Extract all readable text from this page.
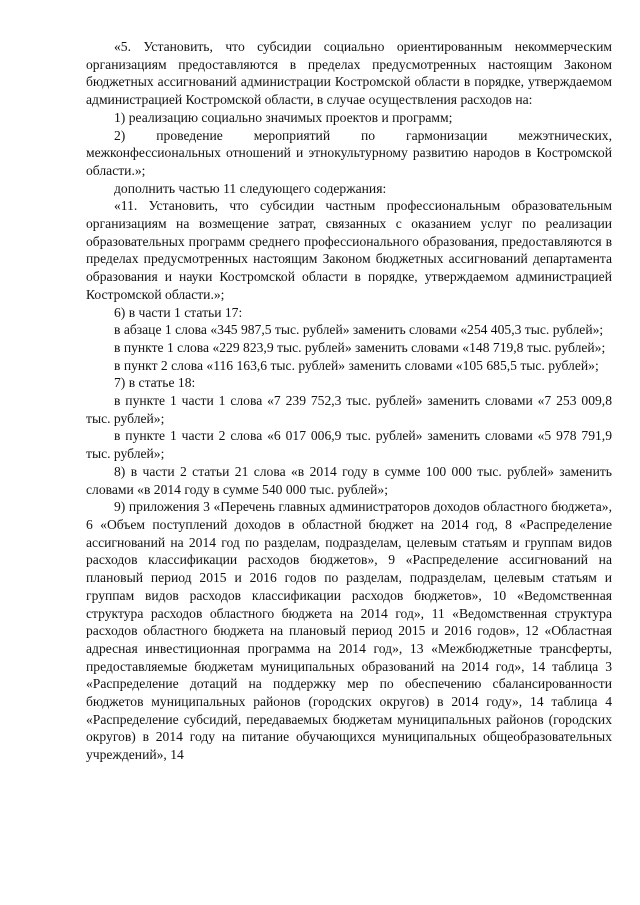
«5. Установить, что субсидии социально ориентированным некоммерческим организациям предоставляются в пределах предусмотренных настоящим Законом бюджетных ассигнований администрации Костромской области в порядке, утверждаемом администрацией Костромской области, в случае осуществления расходов на:

1) реализацию социально значимых проектов и программ;

2) проведение мероприятий по гармонизации межэтнических, межконфессиональных отношений и этнокультурному развитию народов в Костромской области.»;

дополнить частью 11 следующего содержания:

«11. Установить, что субсидии частным профессиональным образовательным организациям на возмещение затрат, связанных с оказанием услуг по реализации образовательных программ среднего профессионального образования, предоставляются в пределах предусмотренных настоящим Законом бюджетных ассигнований департамента образования и науки Костромской области в порядке, утверждаемом администрацией Костромской области.»;

6) в части 1 статьи 17:

в абзаце 1 слова «345 987,5 тыс. рублей» заменить словами «254 405,3 тыс. рублей»;

в пункте 1 слова «229 823,9 тыс. рублей» заменить словами «148 719,8 тыс. рублей»;

в пункт 2 слова «116 163,6 тыс. рублей» заменить словами «105 685,5 тыс. рублей»;

7) в статье 18:

в пункте 1 части 1 слова «7 239 752,3 тыс. рублей» заменить словами «7 253 009,8 тыс. рублей»;

в пункте 1 части 2 слова «6 017 006,9 тыс. рублей» заменить словами «5 978 791,9 тыс. рублей»;

8) в части 2 статьи 21 слова «в 2014 году в сумме 100 000 тыс. рублей» заменить словами «в 2014 году в сумме 540 000 тыс. рублей»;

9) приложения 3 «Перечень главных администраторов доходов областного бюджета», 6 «Объем поступлений доходов в областной бюджет на 2014 год, 8 «Распределение ассигнований на 2014 год по разделам, подразделам, целевым статьям и группам видов расходов классификации расходов бюджетов», 9 «Распределение ассигнований на плановый период 2015 и 2016 годов по разделам, подразделам, целевым статьям и группам видов расходов классификации расходов бюджетов», 10 «Ведомственная структура расходов областного бюджета на 2014 год», 11 «Ведомственная структура расходов областного бюджета на плановый период 2015 и 2016 годов», 12 «Областная адресная инвестиционная программа на 2014 год», 13 «Межбюджетные трансферты, предоставляемые бюджетам муниципальных образований на 2014 год», 14 таблица 3 «Распределение дотаций на поддержку мер по обеспечению сбалансированности бюджетов муниципальных районов (городских округов) в 2014 году», 14 таблица 4 «Распределение субсидий, передаваемых бюджетам муниципальных районов (городских округов) в 2014 году на питание обучающихся муниципальных общеобразовательных учреждений», 14
